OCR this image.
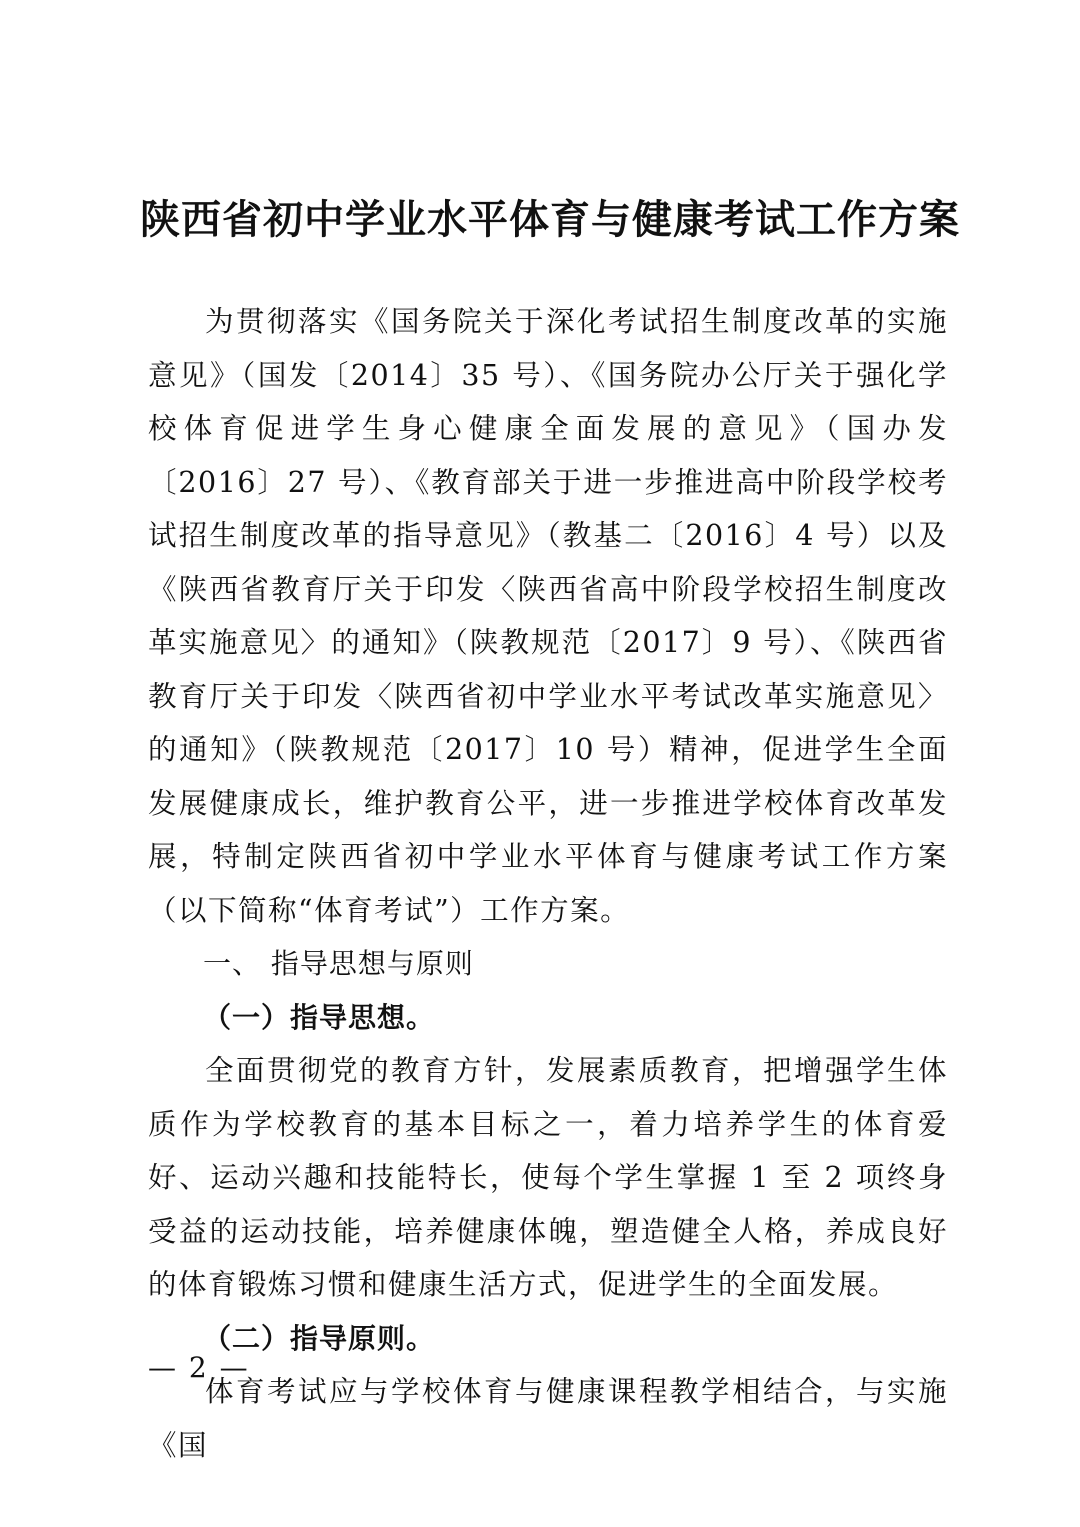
陕西省初中学业水平体育与健康考试工作方案

为贯彻落实《国务院关于深化考试招生制度改革的实施意见》（国发〔2014〕35 号）、《国务院办公厅关于强化学校体育促进学生身心健康全面发展的意见》（国办发〔2016〕27 号）、《教育部关于进一步推进高中阶段学校考试招生制度改革的指导意见》（教基二〔2016〕4 号）以及《陕西省教育厅关于印发〈陕西省高中阶段学校招生制度改革实施意见〉的通知》（陕教规范〔2017〕9 号）、《陕西省教育厅关于印发〈陕西省初中学业水平考试改革实施意见〉的通知》（陕教规范〔2017〕10 号）精神，促进学生全面发展健康成长，维护教育公平，进一步推进学校体育改革发展，特制定陕西省初中学业水平体育与健康考试工作方案（以下简称“体育考试”）工作方案。

一、 指导思想与原则

（一）指导思想。

全面贯彻党的教育方针，发展素质教育，把增强学生体质作为学校教育的基本目标之一，着力培养学生的体育爱好、运动兴趣和技能特长，使每个学生掌握 1 至 2 项终身受益的运动技能，培养健康体魄，塑造健全人格，养成良好的体育锻炼习惯和健康生活方式，促进学生的全面发展。

（二）指导原则。

体育考试应与学校体育与健康课程教学相结合，与实施《国

— 2 —
